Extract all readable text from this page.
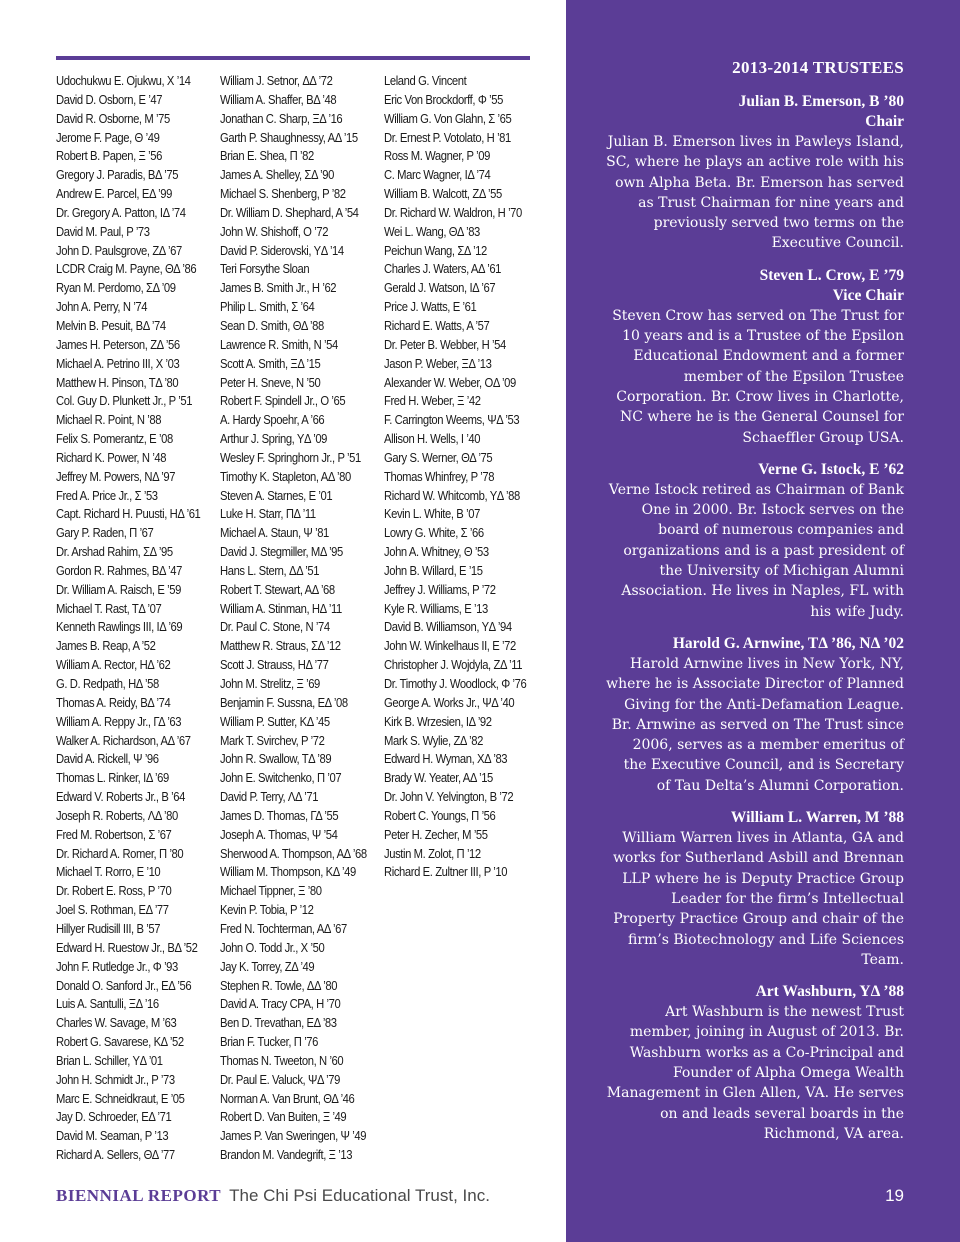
Udochukwu E. Ojukwu, X ’14
David D. Osborn, E ’47
David R. Osborne, M ’75
Jerome F. Page, Θ ’49
Robert B. Papen, Ξ ’56
Gregory J. Paradis, BΔ ’75
Andrew E. Parcel, EΔ ’99
Dr. Gregory A. Patton, IΔ ’74
David M. Paul, P ’73
John D. Paulsgrove, ZΔ ’67
LCDR Craig M. Payne, ΘΔ ’86
Ryan M. Perdomo, ΣΔ ’09
John A. Perry, N ’74
Melvin B. Pesuit, BΔ ’74
James H. Peterson, ZΔ ’56
Michael A. Petrino III, X ’03
Matthew H. Pinson, TΔ ’80
Col. Guy D. Plunkett Jr., P ’51
Michael R. Point, N ’88
Felix S. Pomerantz, E ’08
Richard K. Power, N ’48
Jeffrey M. Powers, NΔ ’97
Fred A. Price Jr., Σ ’53
Capt. Richard H. Puusti, HΔ ’61
Gary P. Raden, Π ’67
Dr. Arshad Rahim, ΣΔ ’95
Gordon R. Rahmes, BΔ ’47
Dr. William A. Raisch, E ’59
Michael T. Rast, TΔ ’07
Kenneth Rawlings III, IΔ ’69
James B. Reap, A ’52
William A. Rector, HΔ ’62
G. D. Redpath, HΔ ’58
Thomas A. Reidy, BΔ ’74
William A. Reppy Jr., ΓΔ ’63
Walker A. Richardson, AΔ ’67
David A. Rickell, Ψ ’96
Thomas L. Rinker, IΔ ’69
Edward V. Roberts Jr., B ’64
Joseph R. Roberts, ΛΔ ’80
Fred M. Robertson, Σ ’67
Dr. Richard A. Romer, Π ’80
Michael T. Rorro, E ’10
Dr. Robert E. Ross, P ’70
Joel S. Rothman, EΔ ’77
Hillyer Rudisill III, B ’57
Edward H. Ruestow Jr., BΔ ’52
John F. Rutledge Jr., Φ ’93
Donald O. Sanford Jr., EΔ ’56
Luis A. Santulli, ΞΔ ’16
Charles W. Savage, M ’63
Robert G. Savarese, KΔ ’52
Brian L. Schiller, YΔ ’01
John H. Schmidt Jr., P ’73
Marc E. Schneidkraut, E ’05
Jay D. Schroeder, EΔ ’71
David M. Seaman, P ’13
Richard A. Sellers, ΘΔ ’77
William J. Setnor, ΔΔ ’72
William A. Shaffer, BΔ ’48
Jonathan C. Sharp, ΞΔ ’16
Garth P. Shaughnessy, AΔ ’15
Brian E. Shea, Π ’82
James A. Shelley, ΣΔ ’90
Michael S. Shenberg, P ’82
Dr. William D. Shephard, A ’54
John W. Shishoff, O ’72
David P. Siderovski, YΔ ’14
Teri Forsythe Sloan
James B. Smith Jr., H ’62
Philip L. Smith, Σ ’64
Sean D. Smith, ΘΔ ’88
Lawrence R. Smith, N ’54
Scott A. Smith, ΞΔ ’15
Peter H. Sneve, N ’50
Robert F. Spindell Jr., O ’65
A. Hardy Spoehr, A ’66
Arthur J. Spring, YΔ ’09
Wesley F. Springhorn Jr., P ’51
Timothy K. Stapleton, AΔ ’80
Steven A. Starnes, E ’01
Luke H. Starr, ΠΔ ’11
Michael A. Staun, Ψ ’81
David J. Stegmiller, MΔ ’95
Hans L. Stern, ΔΔ ’51
Robert T. Stewart, AΔ ’68
William A. Stinman, HΔ ’11
Dr. Paul C. Stone, N ’74
Matthew R. Straus, ΣΔ ’12
Scott J. Strauss, HΔ ’77
John M. Strelitz, Ξ ’69
Benjamin F. Sussna, EΔ ’08
William P. Sutter, KΔ ’45
Mark T. Svirchev, P ’72
John R. Swallow, TΔ ’89
John E. Switchenko, Π ’07
David P. Terry, ΛΔ ’71
James D. Thomas, ΓΔ ’55
Joseph A. Thomas, Ψ ’54
Sherwood A. Thompson, AΔ ’68
William M. Thompson, KΔ ’49
Michael Tippner, Ξ ’80
Kevin P. Tobia, P ’12
Fred N. Tochterman, AΔ ’67
John O. Todd Jr., X ’50
Jay K. Torrey, ZΔ ’49
Stephen R. Towle, ΔΔ ’80
David A. Tracy CPA, H ’70
Ben D. Trevathan, EΔ ’83
Brian F. Tucker, Π ’76
Thomas N. Tweeton, N ’60
Dr. Paul E. Valuck, ΨΔ ’79
Norman A. Van Brunt, ΘΔ ’46
Robert D. Van Buiten, Ξ ’49
James P. Van Sweringen, Ψ ’49
Brandon M. Vandegrift, Ξ ’13
Leland G. Vincent
Eric Von Brockdorff, Φ ’55
William G. Von Glahn, Σ ’65
Dr. Ernest P. Votolato, H ’81
Ross M. Wagner, P ’09
C. Marc Wagner, IΔ ’74
William B. Walcott, ZΔ ’55
Dr. Richard W. Waldron, H ’70
Wei L. Wang, ΘΔ ’83
Peichun Wang, ΣΔ ’12
Charles J. Waters, AΔ ’61
Gerald J. Watson, IΔ ’67
Price J. Watts, E ’61
Richard E. Watts, A ’57
Dr. Peter B. Webber, H ’54
Jason P. Weber, ΞΔ ’13
Alexander W. Weber, OΔ ’09
Fred H. Weber, Ξ ’42
F. Carrington Weems, ΨΔ ’53
Allison H. Wells, I ’40
Gary S. Werner, ΘΔ ’75
Thomas Whinfrey, P ’78
Richard W. Whitcomb, YΔ ’88
Kevin L. White, B ’07
Lowry G. White, Σ ’66
John A. Whitney, Θ ’53
John B. Willard, E ’15
Jeffrey J. Williams, P ’72
Kyle R. Williams, E ’13
David B. Williamson, YΔ ’94
John W. Winkelhaus II, E ’72
Christopher J. Wojdyla, ZΔ ’11
Dr. Timothy J. Woodlock, Φ ’76
George A. Works Jr., ΨΔ ’40
Kirk B. Wrzesien, IΔ ’92
Mark S. Wylie, ZΔ ’82
Edward H. Wyman, XΔ ’83
Brady W. Yeater, AΔ ’15
Dr. John V. Yelvington, B ’72
Robert C. Youngs, Π ’56
Peter H. Zecher, M ’55
Justin M. Zolot, Π ’12
Richard E. Zultner III, P ’10
2013-2014 TRUSTEES
Julian B. Emerson, B ’80
Chair
Julian B. Emerson lives in Pawleys Island, SC, where he plays an active role with his own Alpha Beta. Br. Emerson has served as Trust Chairman for nine years and previously served two terms on the Executive Council.
Steven L. Crow, E ’79
Vice Chair
Steven Crow has served on The Trust for 10 years and is a Trustee of the Epsilon Educational Endowment and a former member of the Epsilon Trustee Corporation. Br. Crow lives in Charlotte, NC where he is the General Counsel for Schaeffler Group USA.
Verne G. Istock, E ’62
Verne Istock retired as Chairman of Bank One in 2000. Br. Istock serves on the board of numerous companies and organizations and is a past president of the University of Michigan Alumni Association. He lives in Naples, FL with his wife Judy.
Harold G. Arnwine, TΔ ’86, NΔ ’02
Harold Arnwine lives in New York, NY, where he is Associate Director of Planned Giving for the Anti-Defamation League. Br. Arnwine as served on The Trust since 2006, serves as a member emeritus of the Executive Council, and is Secretary of Tau Delta’s Alumni Corporation.
William L. Warren, M ’88
William Warren lives in Atlanta, GA and works for Sutherland Asbill and Brennan LLP where he is Deputy Practice Group Leader for the firm’s Intellectual Property Practice Group and chair of the firm’s Biotechnology and Life Sciences Team.
Art Washburn, YΔ ’88
Art Washburn is the newest Trust member, joining in August of 2013. Br. Washburn works as a Co-Principal and Founder of Alpha Omega Wealth Management in Glen Allen, VA. He serves on and leads several boards in the Richmond, VA area.
19
BIENNIAL REPORT The Chi Psi Educational Trust, Inc.
